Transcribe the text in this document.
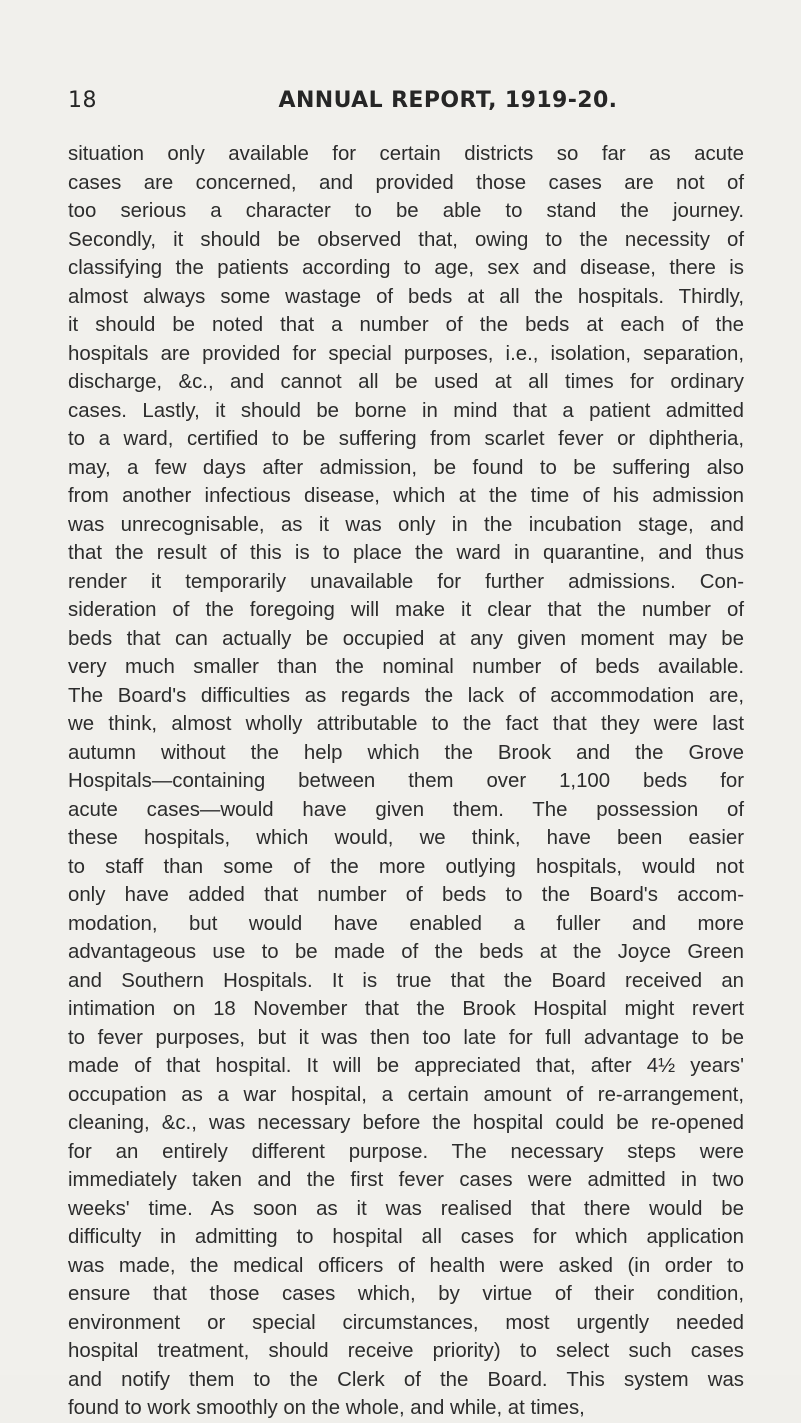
18	ANNUAL REPORT, 1919-20.
situation only available for certain districts so far as acute
cases are concerned, and provided those cases are not of
too serious a character to be able to stand the journey.
Secondly, it should be observed that, owing to the necessity of
classifying the patients according to age, sex and disease, there is
almost always some wastage of beds at all the hospitals. Thirdly,
it should be noted that a number of the beds at each of the
hospitals are provided for special purposes, i.e., isolation, separation,
discharge, &c., and cannot all be used at all times for ordinary
cases. Lastly, it should be borne in mind that a patient admitted
to a ward, certified to be suffering from scarlet fever or diphtheria,
may, a few days after admission, be found to be suffering also
from another infectious disease, which at the time of his admission
was unrecognisable, as it was only in the incubation stage, and
that the result of this is to place the ward in quarantine, and thus
render it temporarily unavailable for further admissions. Con-
sideration of the foregoing will make it clear that the number of
beds that can actually be occupied at any given moment may be
very much smaller than the nominal number of beds available.
The Board's difficulties as regards the lack of accommodation are,
we think, almost wholly attributable to the fact that they were last
autumn without the help which the Brook and the Grove
Hospitals—containing between them over 1,100 beds for
acute cases—would have given them. The possession of
these hospitals, which would, we think, have been easier
to staff than some of the more outlying hospitals, would not
only have added that number of beds to the Board's accom-
modation, but would have enabled a fuller and more
advantageous use to be made of the beds at the Joyce Green
and Southern Hospitals. It is true that the Board received an
intimation on 18 November that the Brook Hospital might revert
to fever purposes, but it was then too late for full advantage to be
made of that hospital. It will be appreciated that, after 4½ years'
occupation as a war hospital, a certain amount of re-arrangement,
cleaning, &c., was necessary before the hospital could be re-opened
for an entirely different purpose. The necessary steps were
immediately taken and the first fever cases were admitted in two
weeks' time. As soon as it was realised that there would be
difficulty in admitting to hospital all cases for which application
was made, the medical officers of health were asked (in order to
ensure that those cases which, by virtue of their condition,
environment or special circumstances, most urgently needed
hospital treatment, should receive priority) to select such cases
and notify them to the Clerk of the Board. This system was
found to work smoothly on the whole, and while, at times,
